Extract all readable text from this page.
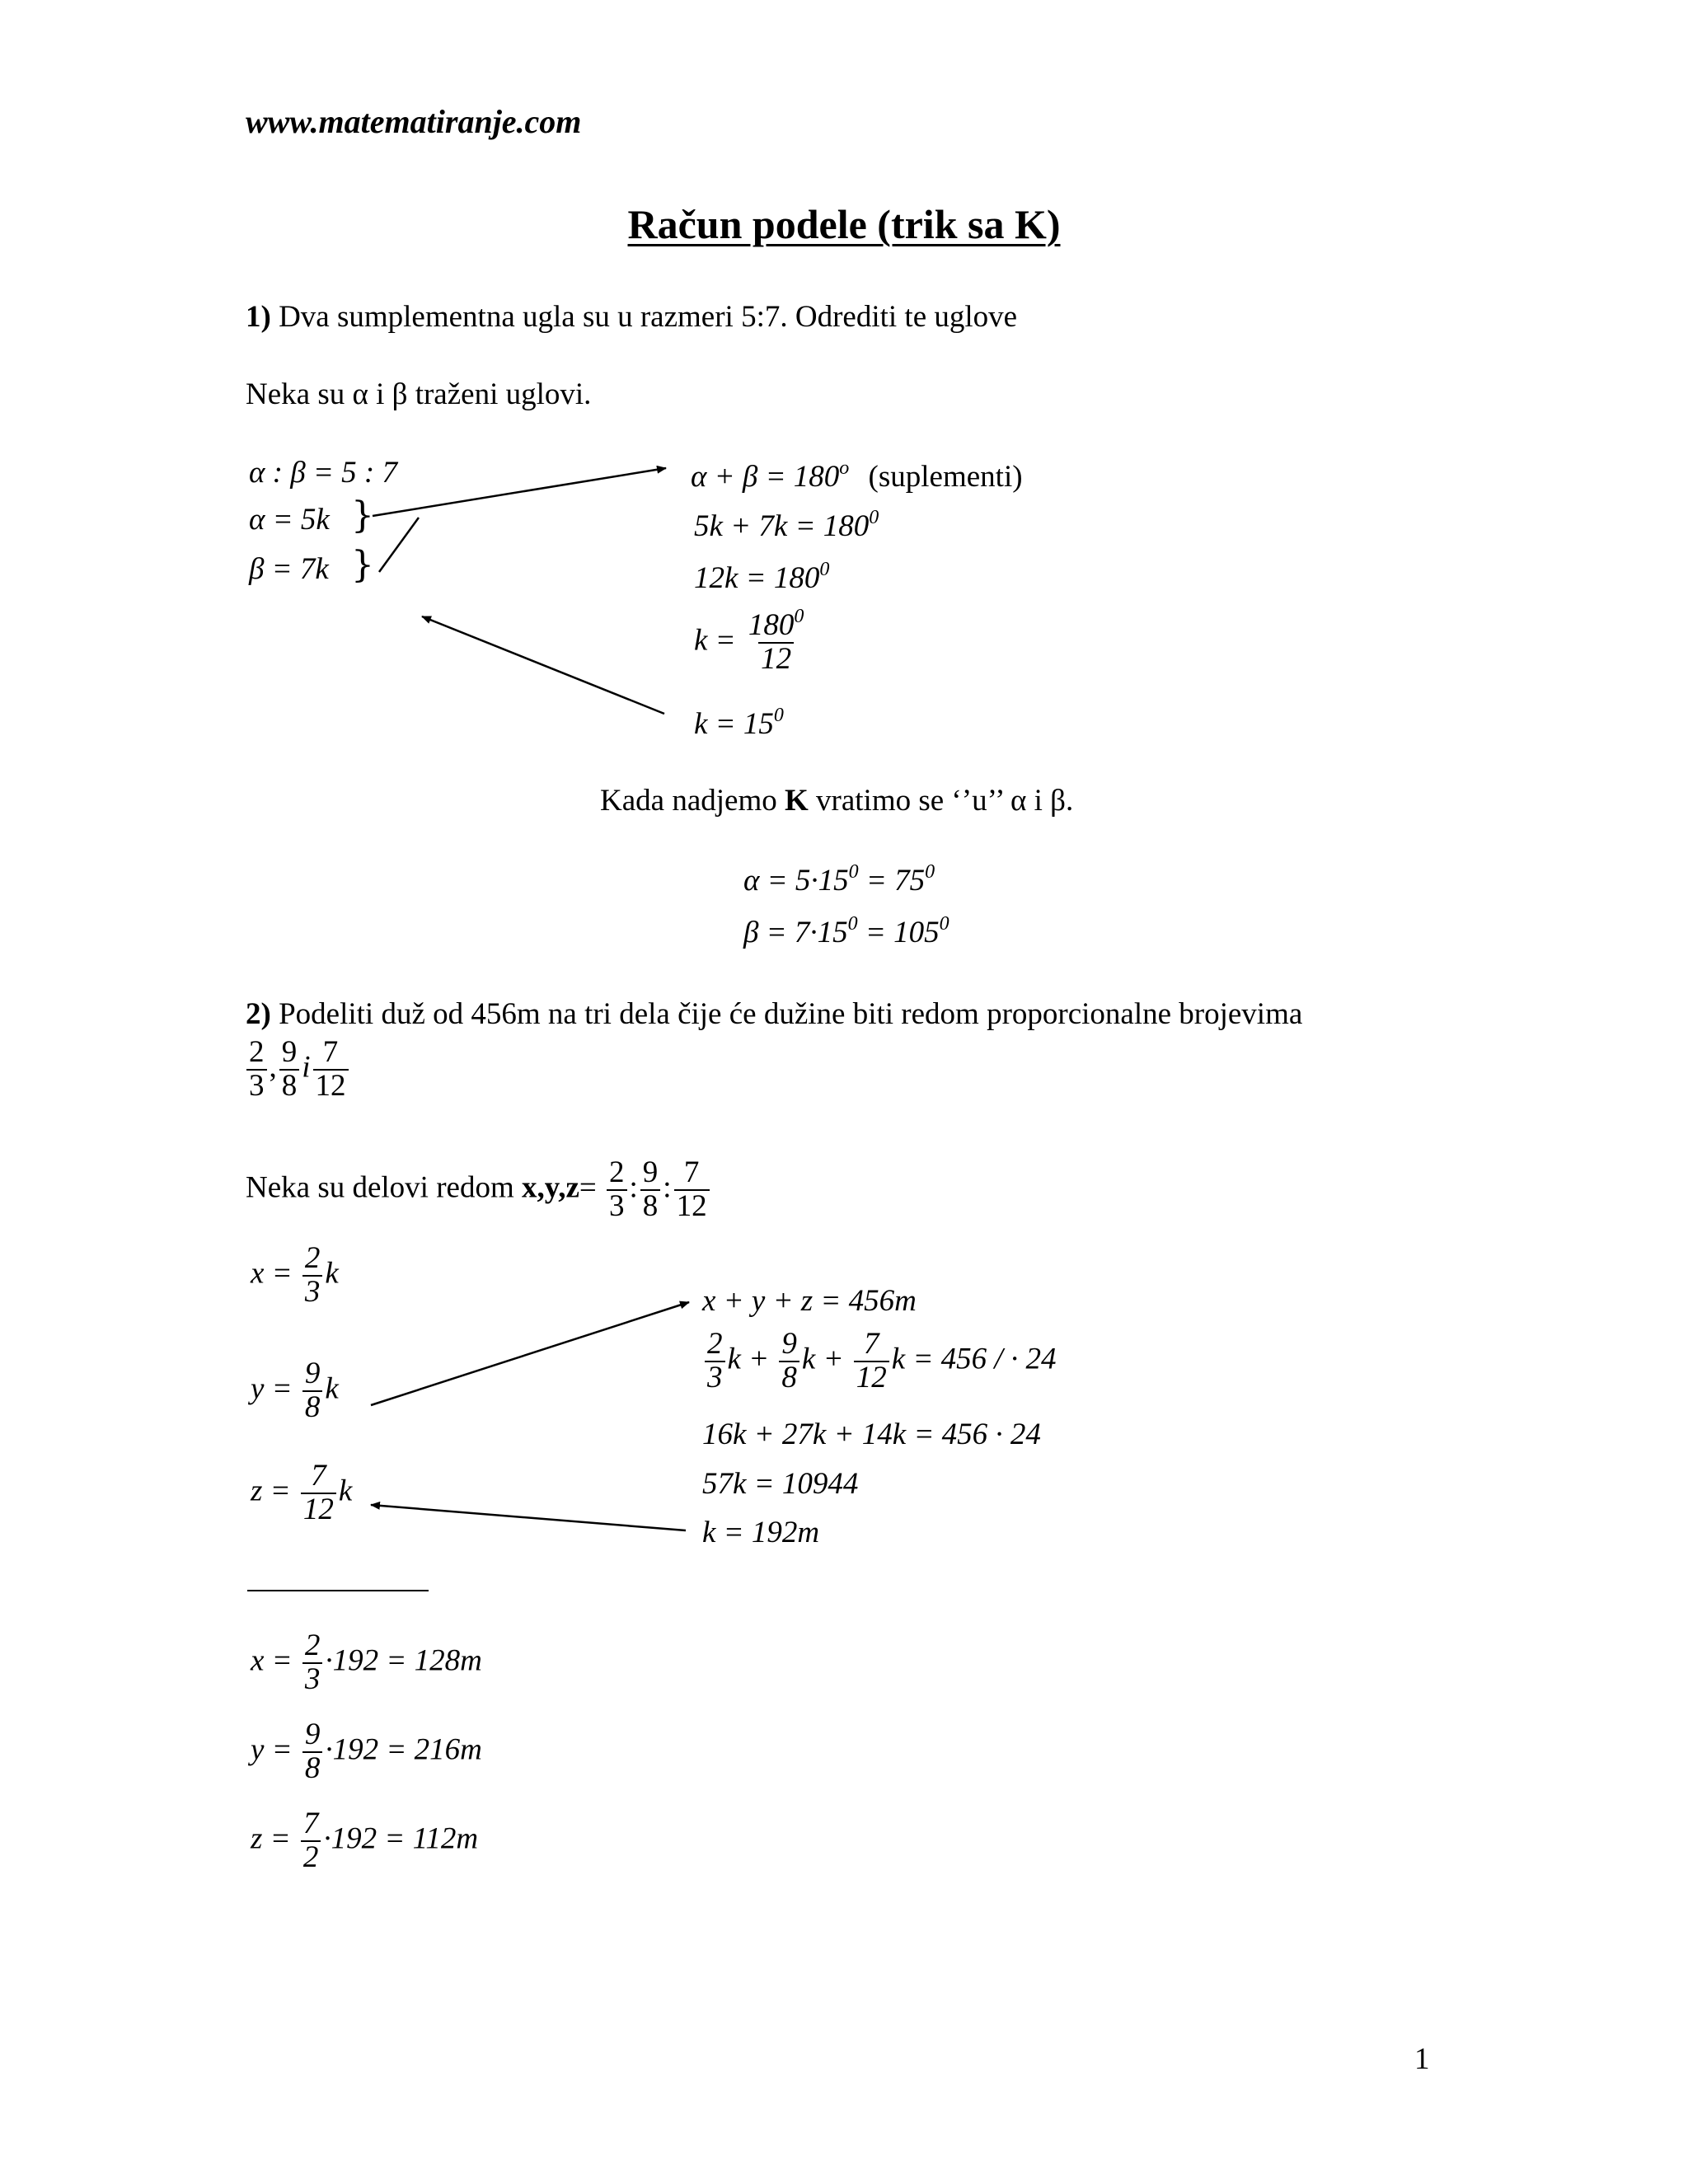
www.matematiranje.com
Račun podele (trik sa K)
1) Dva sumplementna ugla su u razmeri 5:7. Odrediti te uglove
Neka su α i β traženi uglovi.
α : β = 5 : 7
α = 5k }
β = 7k }
$\alpha + \beta = 180^o$ (suplementi)
$5k + 7k = 180^0$
$12k = 180^0$
$k = \frac{180^0}{12}$
$k = 15^0$
Kada nadjemo K vratimo se ‘’u’’ α i β.
$\alpha = 5\cdot 15^0 = 75^0$
$\beta = 7\cdot 15^0 = 105^0$
2) Podeliti duž od 456m na tri dela čije će dužine biti redom proporcionalne brojevima
$\frac{2}{3}$ , $\frac{9}{8}$ i $\frac{7}{12}$
Neka su delovi redom $x,y,z= \frac{2}{3}$ : $\frac{9}{8}$ : $\frac{7}{12}$
$x = \frac{2}{3}$ k
$y = \frac{9}{8}$ k
$z = \frac{7}{12}$ k
x + y + z = 456m
$\frac{2}{3}$ $k + \frac{9}{8}$ $k + \frac{7}{12}$ k = 456 / · 24
16k + 27k + 14k = 456 · 24
57k = 10944
k = 192m
$x = \frac{2}{3} \cdot 192 = 128m$
$y = \frac{9}{8} \cdot 192 = 216m$
$z = \frac{7}{2} \cdot 192 = 112m$
1
